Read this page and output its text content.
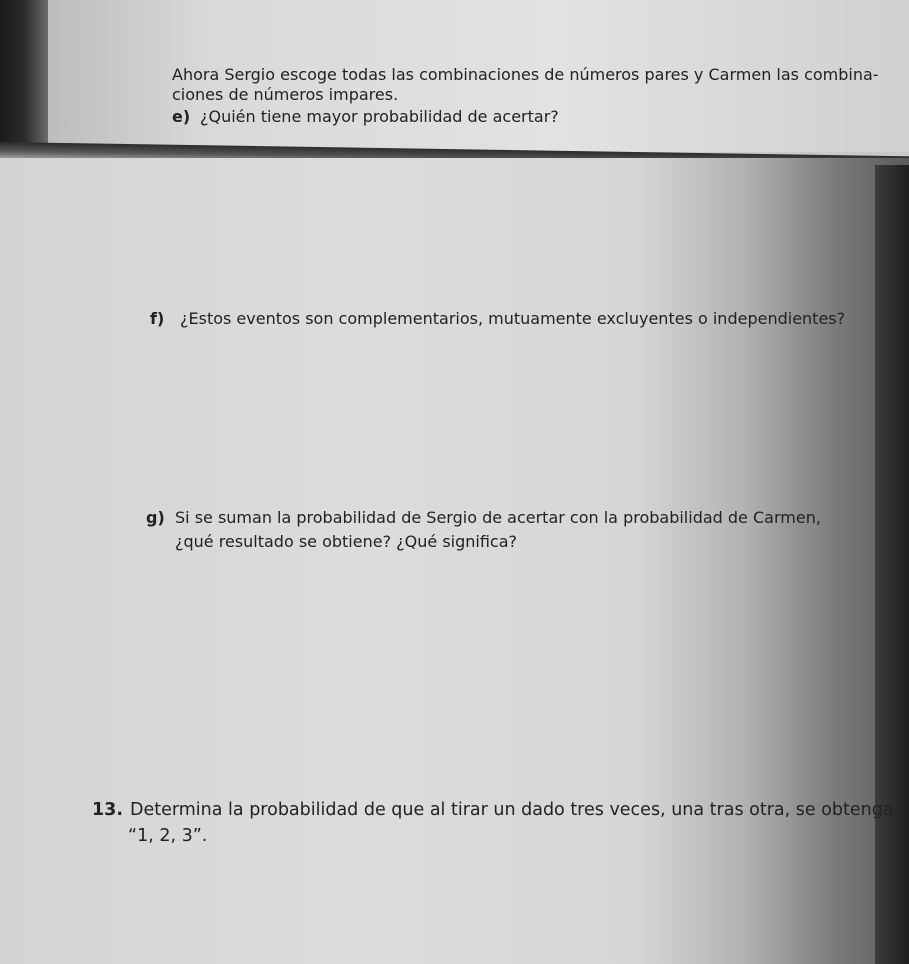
Ahora Sergio escoge todas las combinaciones de números pares y Carmen las combina-
ciones de números impares.
e) ¿Quién tiene mayor probabilidad de acertar?
f) ¿Estos eventos son complementarios, mutuamente excluyentes o independientes?
g) Si se suman la probabilidad de Sergio de acertar con la probabilidad de Carmen,
¿qué resultado se obtiene? ¿Qué significa?
13. Determina la probabilidad de que al tirar un dado tres veces, una tras otra, se obtenga
“1, 2, 3”.
